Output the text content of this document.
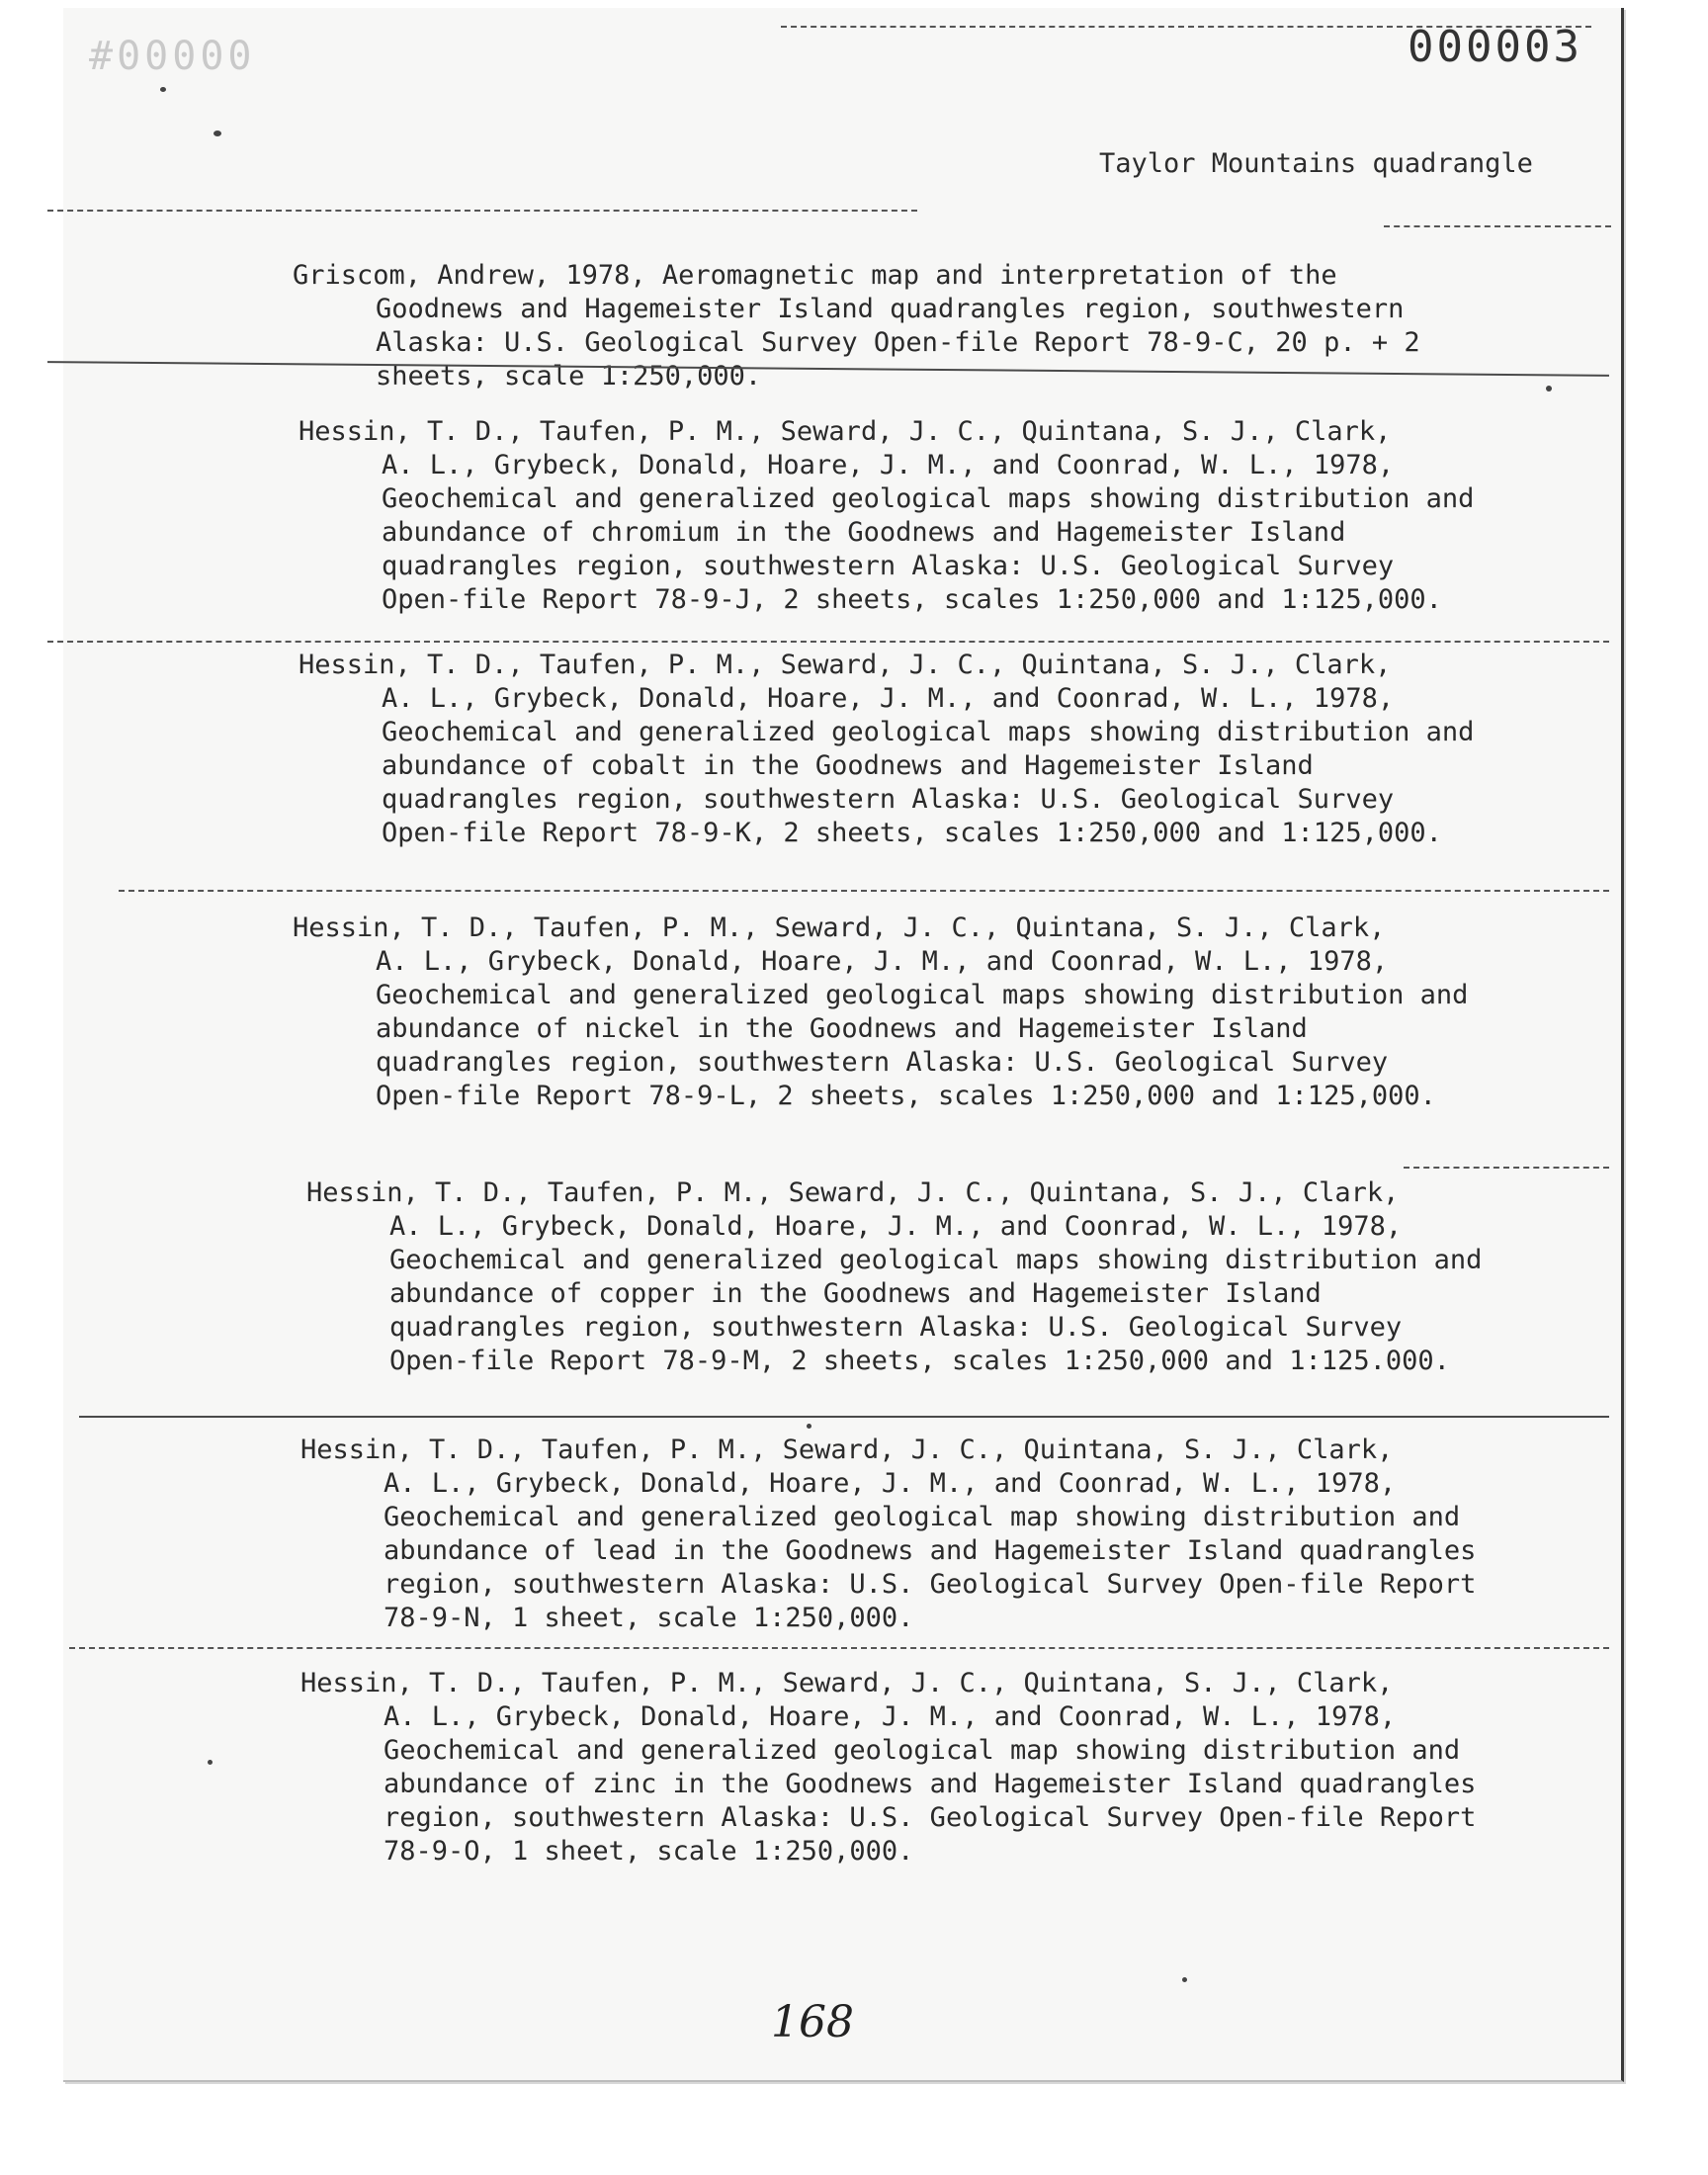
#00000	000003
Taylor Mountains quadrangle
Griscom, Andrew, 1978, Aeromagnetic map and interpretation of the
Goodnews and Hagemeister Island quadrangles region, southwestern Alaska: U.S. Geological Survey Open-file Report 78-9-C, 20 p. + 2 sheets, scale 1:250,000.
Hessin, T. D., Taufen, P. M., Seward, J. C., Quintana, S. J., Clark,
A. L., Grybeck, Donald, Hoare, J. M., and Coonrad, W. L., 1978, Geochemical and generalized geological maps showing distribution and abundance of chromium in the Goodnews and Hagemeister Island quadrangles region, southwestern Alaska: U.S. Geological Survey Open-file Report 78-9-J, 2 sheets, scales 1:250,000 and 1:125,000.
Hessin, T. D., Taufen, P. M., Seward, J. C., Quintana, S. J., Clark,
A. L., Grybeck, Donald, Hoare, J. M., and Coonrad, W. L., 1978, Geochemical and generalized geological maps showing distribution and abundance of cobalt in the Goodnews and Hagemeister Island quadrangles region, southwestern Alaska: U.S. Geological Survey Open-file Report 78-9-K, 2 sheets, scales 1:250,000 and 1:125,000.
Hessin, T. D., Taufen, P. M., Seward, J. C., Quintana, S. J., Clark,
A. L., Grybeck, Donald, Hoare, J. M., and Coonrad, W. L., 1978, Geochemical and generalized geological maps showing distribution and abundance of nickel in the Goodnews and Hagemeister Island quadrangles region, southwestern Alaska: U.S. Geological Survey Open-file Report 78-9-L, 2 sheets, scales 1:250,000 and 1:125,000.
Hessin, T. D., Taufen, P. M., Seward, J. C., Quintana, S. J., Clark,
A. L., Grybeck, Donald, Hoare, J. M., and Coonrad, W. L., 1978, Geochemical and generalized geological maps showing distribution and abundance of copper in the Goodnews and Hagemeister Island quadrangles region, southwestern Alaska: U.S. Geological Survey Open-file Report 78-9-M, 2 sheets, scales 1:250,000 and 1:125.000.
Hessin, T. D., Taufen, P. M., Seward, J. C., Quintana, S. J., Clark,
A. L., Grybeck, Donald, Hoare, J. M., and Coonrad, W. L., 1978, Geochemical and generalized geological map showing distribution and abundance of lead in the Goodnews and Hagemeister Island quadrangles region, southwestern Alaska: U.S. Geological Survey Open-file Report 78-9-N, 1 sheet, scale 1:250,000.
Hessin, T. D., Taufen, P. M., Seward, J. C., Quintana, S. J., Clark,
A. L., Grybeck, Donald, Hoare, J. M., and Coonrad, W. L., 1978, Geochemical and generalized geological map showing distribution and abundance of zinc in the Goodnews and Hagemeister Island quadrangles region, southwestern Alaska: U.S. Geological Survey Open-file Report 78-9-O, 1 sheet, scale 1:250,000.
168
